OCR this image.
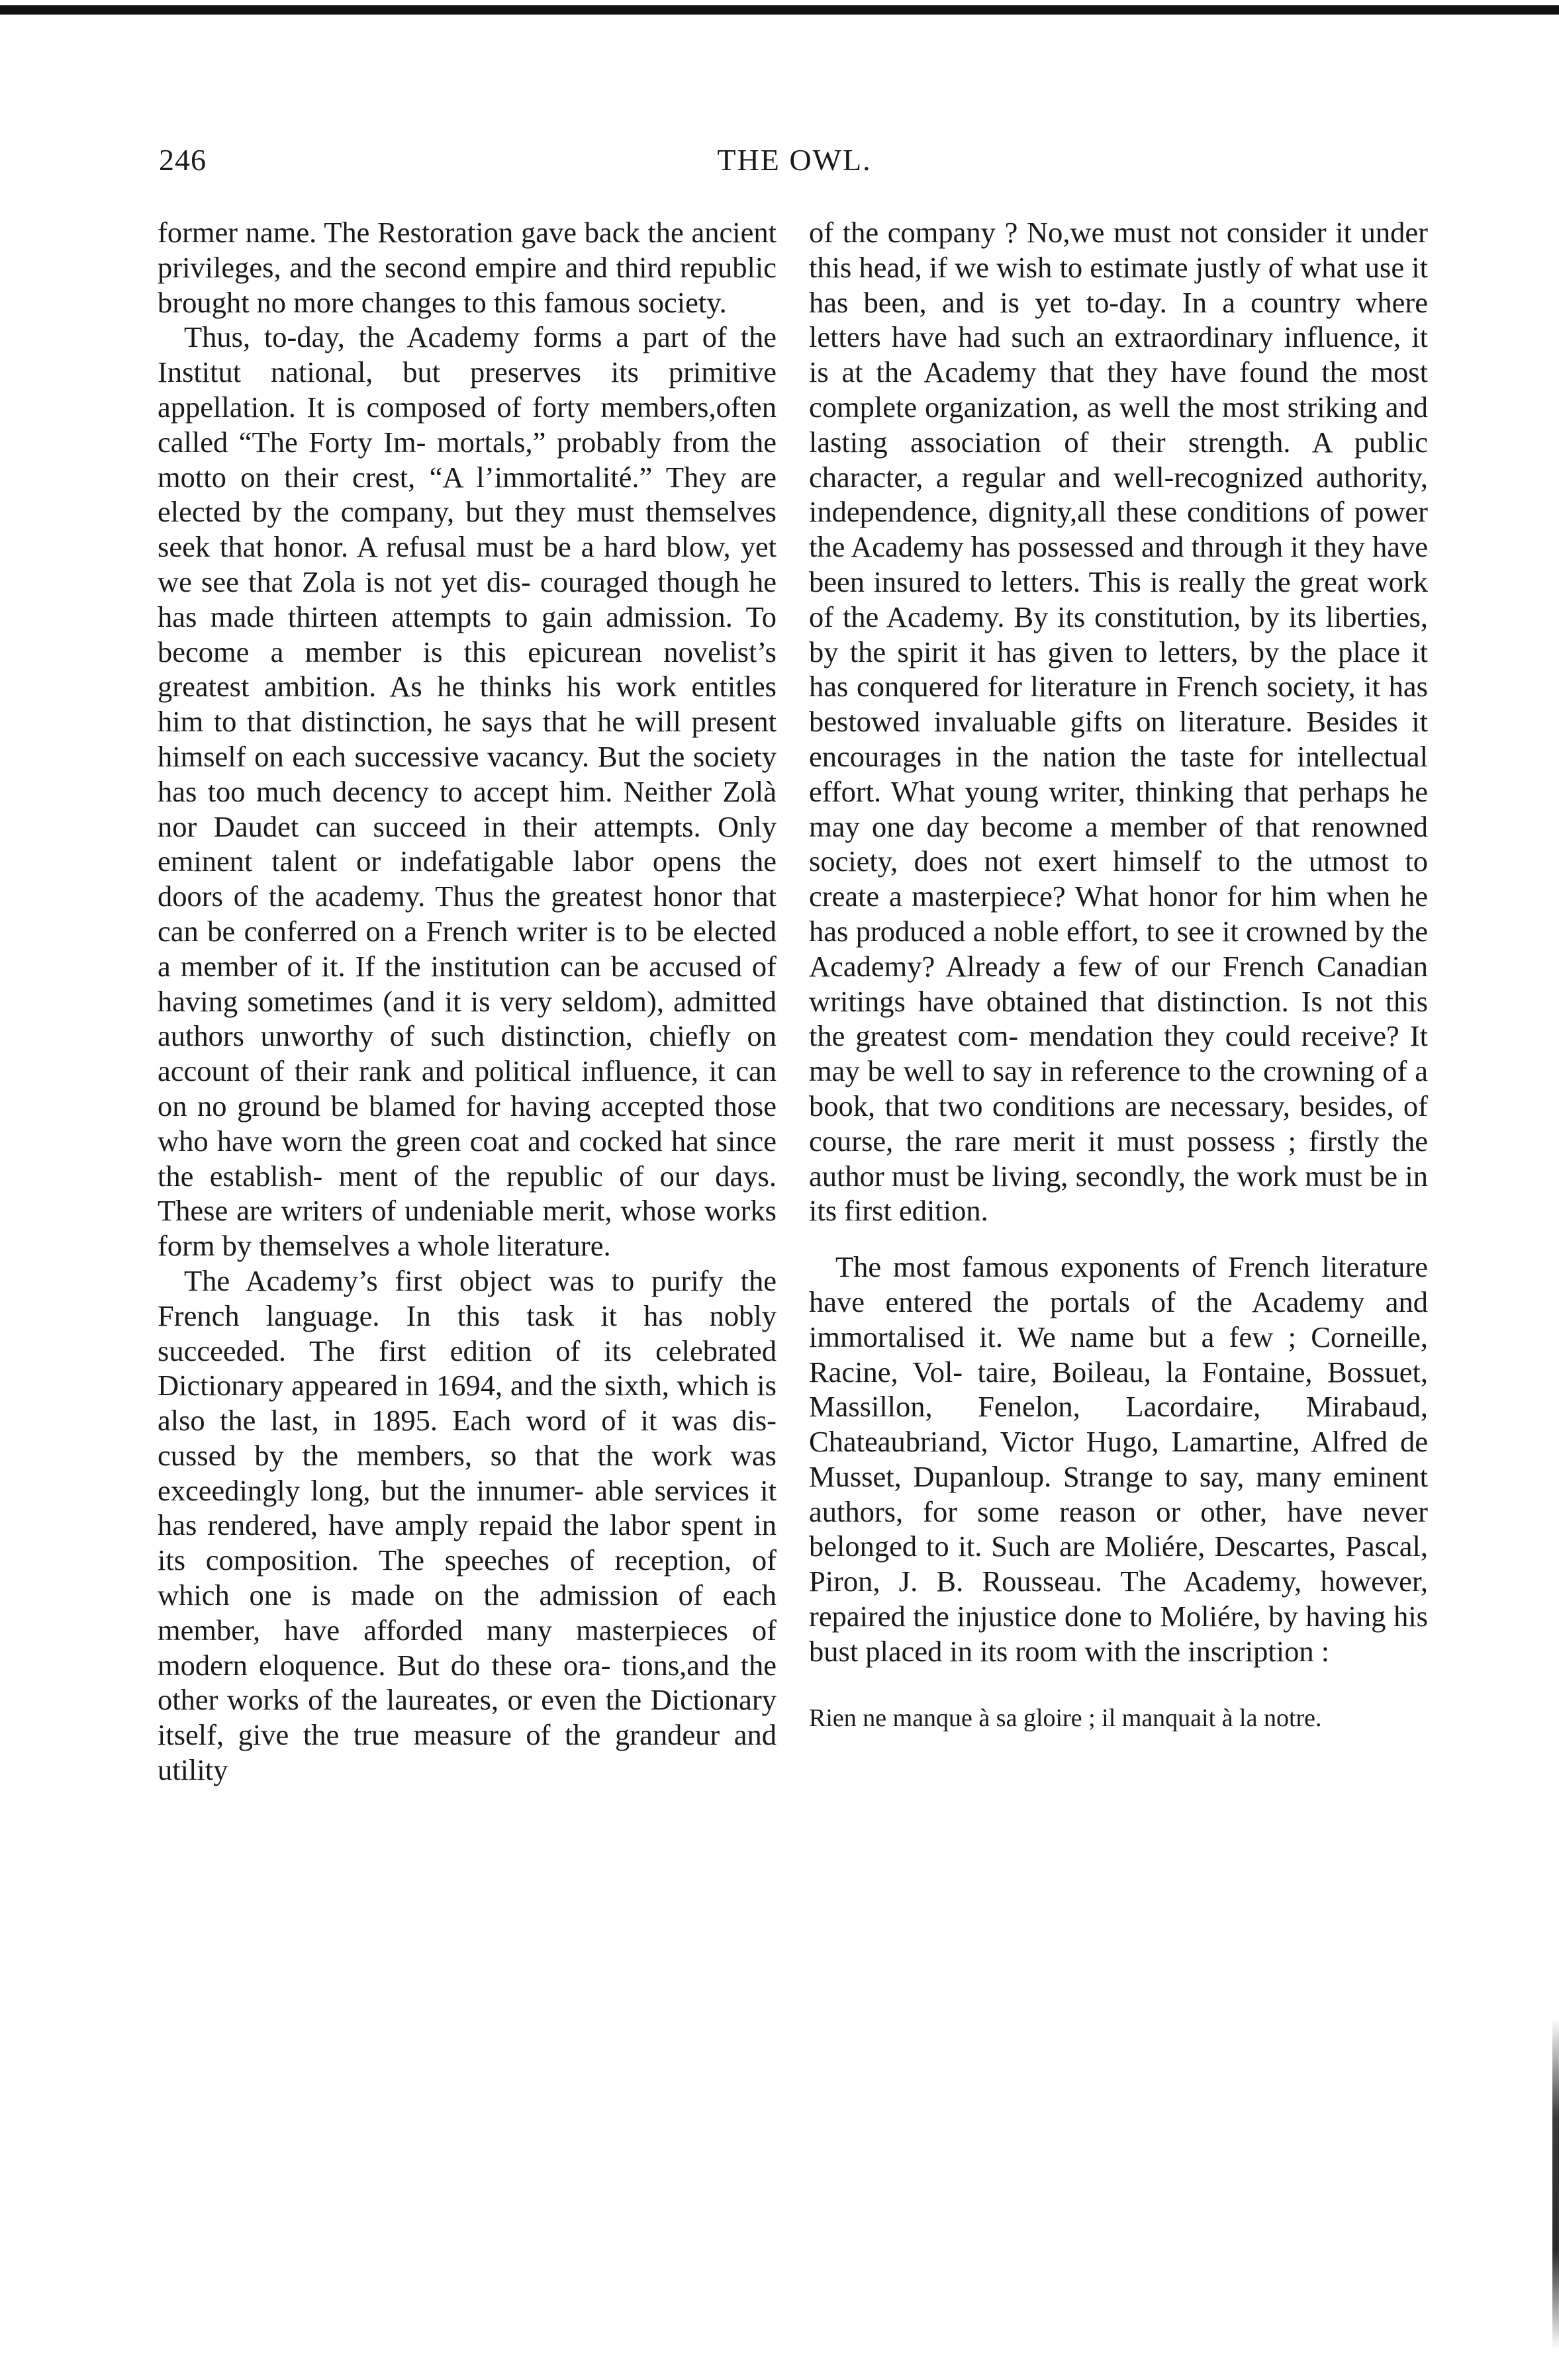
246	THE OWL.

former name. The Restoration gave back the ancient privileges, and the second empire and third republic brought no more changes to this famous society.

Thus, to-day, the Academy forms a part of the Institut national, but preserves its primitive appellation. It is composed of forty members,often called “The Forty Im- mortals,” probably from the motto on their crest, “A l’immortalité.” They are elected by the company, but they must themselves seek that honor. A refusal must be a hard blow, yet we see that Zola is not yet dis- couraged though he has made thirteen attempts to gain admission. To become a member is this epicurean novelist’s greatest ambition. As he thinks his work entitles him to that distinction, he says that he will present himself on each successive vacancy. But the society has too much decency to accept him. Neither Zolà nor Daudet can succeed in their attempts. Only eminent talent or indefatigable labor opens the doors of the academy. Thus the greatest honor that can be conferred on a French writer is to be elected a member of it. If the institution can be accused of having sometimes (and it is very seldom), admitted authors unworthy of such distinction, chiefly on account of their rank and political influence, it can on no ground be blamed for having accepted those who have worn the green coat and cocked hat since the establish- ment of the republic of our days. These are writers of undeniable merit, whose works form by themselves a whole literature.

The Academy’s first object was to purify the French language. In this task it has nobly succeeded. The first edition of its celebrated Dictionary appeared in 1694, and the sixth, which is also the last, in 1895. Each word of it was dis- cussed by the members, so that the work was exceedingly long, but the innumer- able services it has rendered, have amply repaid the labor spent in its composition. The speeches of reception, of which one is made on the admission of each member, have afforded many masterpieces of modern eloquence. But do these ora- tions,and the other works of the laureates, or even the Dictionary itself, give the true measure of the grandeur and utility

of the company ? No,we must not consider it under this head, if we wish to estimate justly of what use it has been, and is yet to-day. In a country where letters have had such an extraordinary influence, it is at the Academy that they have found the most complete organization, as well the most striking and lasting association of their strength. A public character, a regular and well-recognized authority, independence, dignity,all these conditions of power the Academy has possessed and through it they have been insured to letters. This is really the great work of the Academy. By its constitution, by its liberties, by the spirit it has given to letters, by the place it has conquered for literature in French society, it has bestowed invaluable gifts on literature. Besides it encourages in the nation the taste for intellectual effort. What young writer, thinking that perhaps he may one day become a member of that renowned society, does not exert himself to the utmost to create a masterpiece? What honor for him when he has produced a noble effort, to see it crowned by the Academy? Already a few of our French Canadian writings have obtained that distinction. Is not this the greatest com- mendation they could receive? It may be well to say in reference to the crowning of a book, that two conditions are necessary, besides, of course, the rare merit it must possess ; firstly the author must be living, secondly, the work must be in its first edition.

The most famous exponents of French literature have entered the portals of the Academy and immortalised it. We name but a few ; Corneille, Racine, Vol- taire, Boileau, la Fontaine, Bossuet, Massillon, Fenelon, Lacordaire, Mirabaud, Chateaubriand, Victor Hugo, Lamartine, Alfred de Musset, Dupanloup. Strange to say, many eminent authors, for some reason or other, have never belonged to it. Such are Moliére, Descartes, Pascal, Piron, J. B. Rousseau. The Academy, however, repaired the injustice done to Moliére, by having his bust placed in its room with the inscription :

Rien ne manque à sa gloire ; il manquait à la notre.
